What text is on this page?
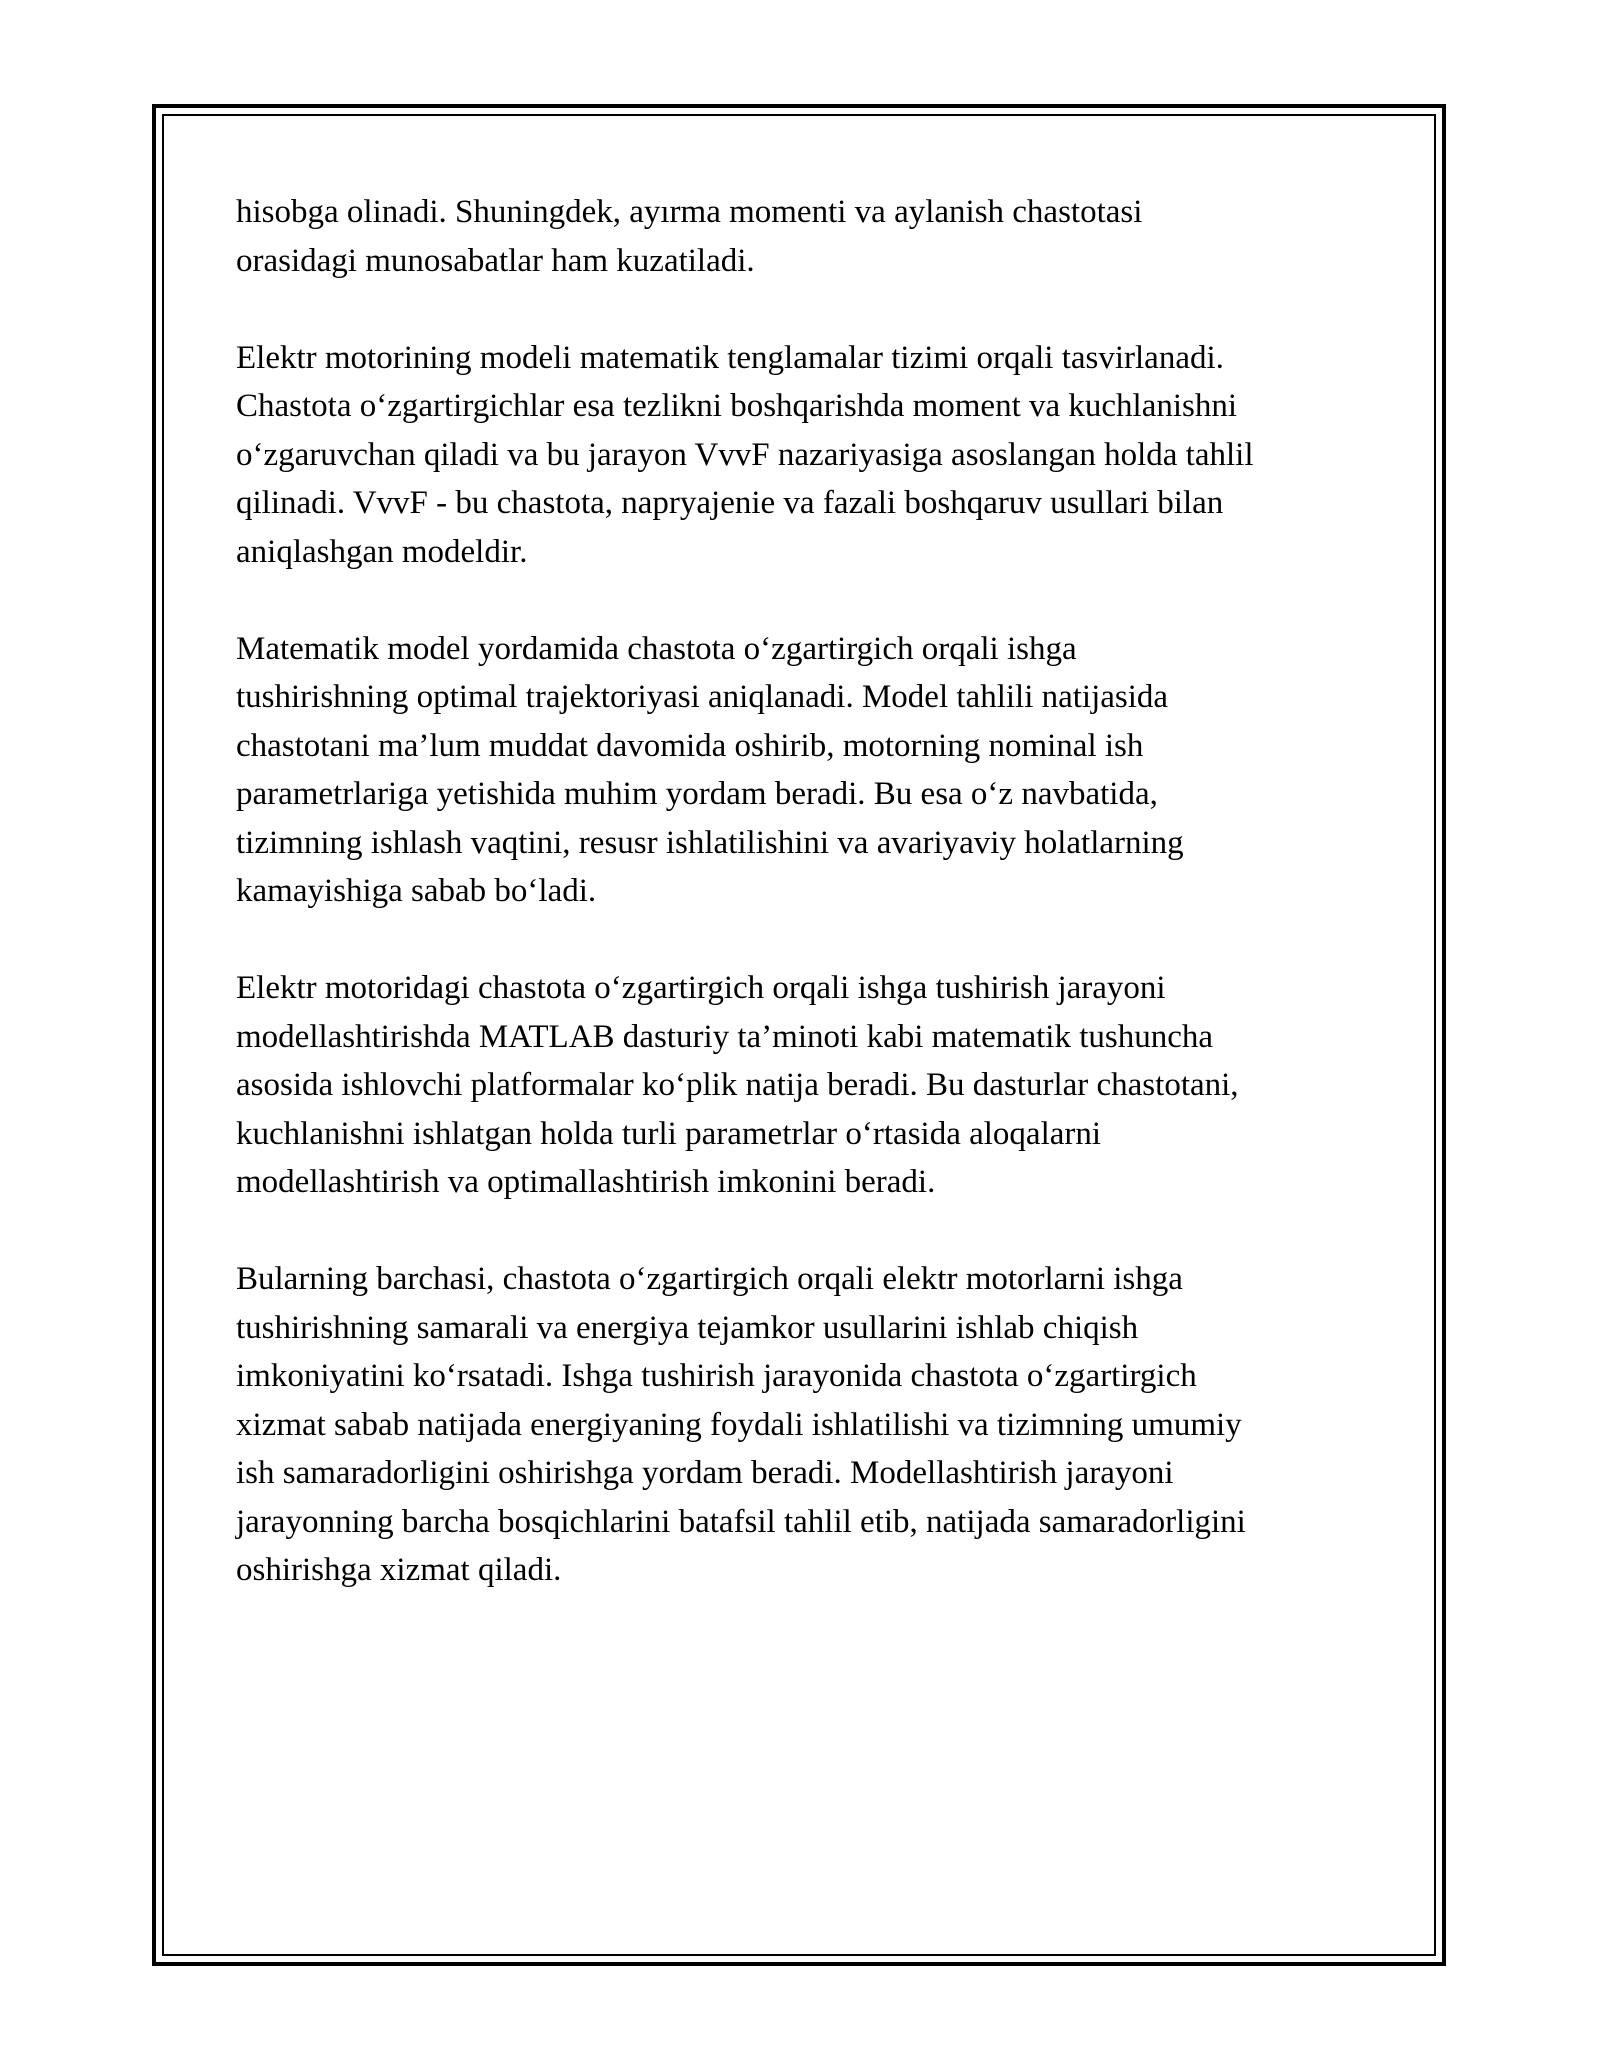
hisobga olinadi. Shuningdek, ayırma momenti va aylanish chastotasi
orasidagi munosabatlar ham kuzatiladi.

Elektr motorining modeli matematik tenglamalar tizimi orqali tasvirlanadi.
Chastota oʻzgartirgichlar esa tezlikni boshqarishda moment va kuchlanishni
oʻzgaruvchan qiladi va bu jarayon VvvF nazariyasiga asoslangan holda tahlil
qilinadi. VvvF - bu chastota, napryajenie va fazali boshqaruv usullari bilan
aniqlashgan modeldir.

Matematik model yordamida chastota oʻzgartirgich orqali ishga
tushirishning optimal trajektoriyasi aniqlanadi. Model tahlili natijasida
chastotani ma’lum muddat davomida oshirib, motorning nominal ish
parametrlariga yetishida muhim yordam beradi. Bu esa oʻz navbatida,
tizimning ishlash vaqtini, resusr ishlatilishini va avariyaviy holatlarning
kamayishiga sabab boʻladi.

Elektr motoridagi chastota oʻzgartirgich orqali ishga tushirish jarayoni
modellashtirishda MATLAB dasturiy ta’minoti kabi matematik tushuncha
asosida ishlovchi platformalar koʻplik natija beradi. Bu dasturlar chastotani,
kuchlanishni ishlatgan holda turli parametrlar oʻrtasida aloqalarni
modellashtirish va optimallashtirish imkonini beradi.

Bularning barchasi, chastota oʻzgartirgich orqali elektr motorlarni ishga
tushirishning samarali va energiya tejamkor usullarini ishlab chiqish
imkoniyatini koʻrsatadi. Ishga tushirish jarayonida chastota oʻzgartirgich
xizmat sabab natijada energiyaning foydali ishlatilishi va tizimning umumiy
ish samaradorligini oshirishga yordam beradi. Modellashtirish jarayoni
jarayonning barcha bosqichlarini batafsil tahlil etib, natijada samaradorligini
oshirishga xizmat qiladi.
